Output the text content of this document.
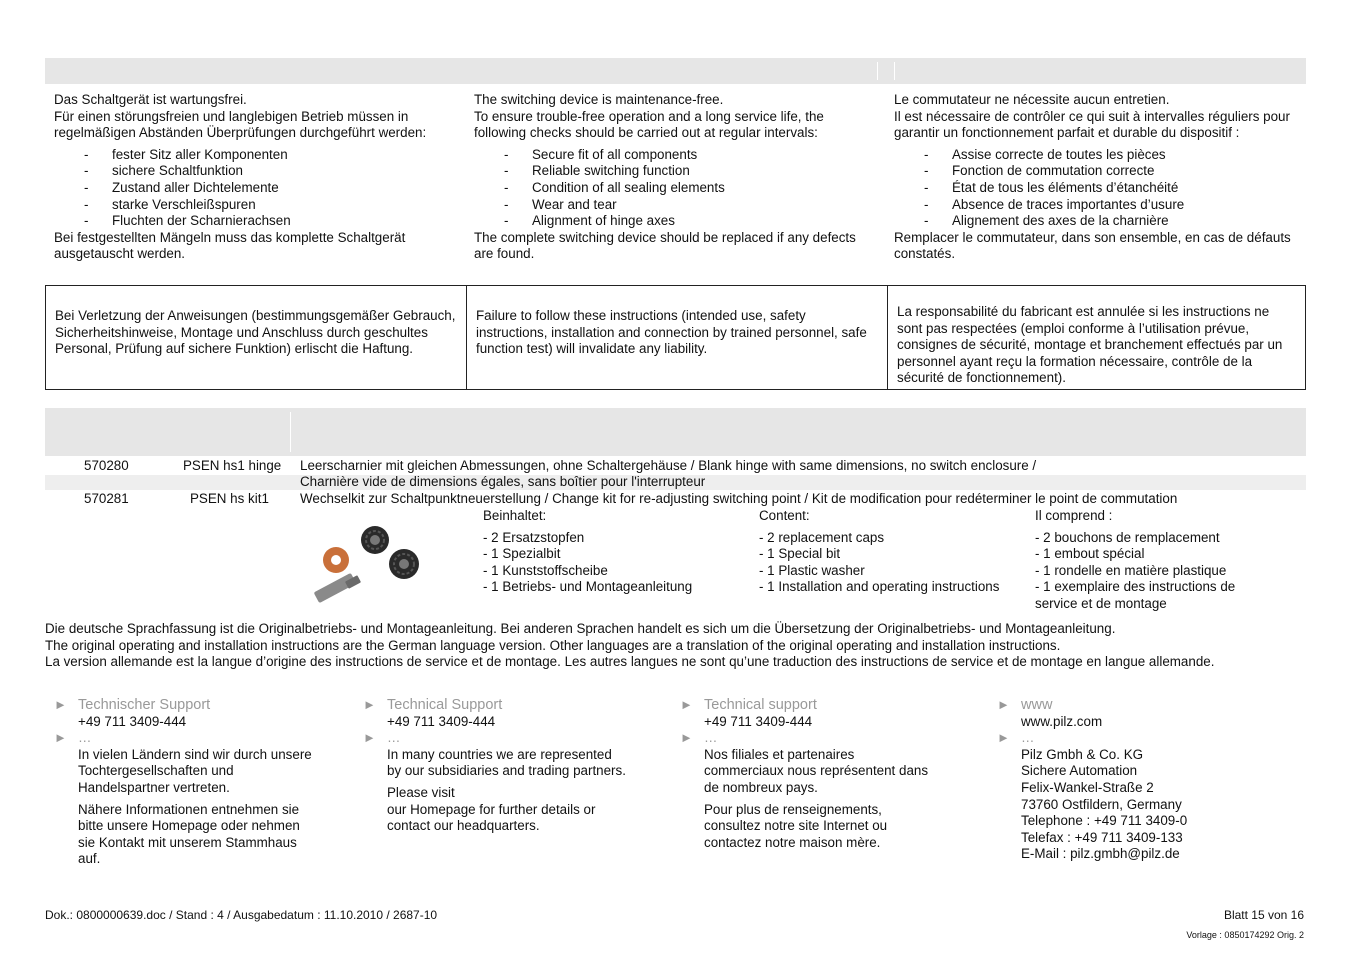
Das Schaltgerät ist wartungsfrei.

Für einen störungsfreien und langlebigen Betrieb müssen in regelmäßigen Abständen Überprüfungen durchgeführt werden:

- fester Sitz aller Komponenten
- sichere Schaltfunktion
- Zustand aller Dichtelemente
- starke Verschleißspuren
- Fluchten der Scharnierachsen

Bei festgestellten Mängeln muss das komplette Schaltgerät ausgetauscht werden.

The switching device is maintenance-free.

To ensure trouble-free operation and a long service life, the following checks should be carried out at regular intervals:

- Secure fit of all components
- Reliable switching function
- Condition of all sealing elements
- Wear and tear
- Alignment of hinge axes

The complete switching device should be replaced if any defects are found.

Le commutateur ne nécessite aucun entretien.

Il est nécessaire de contrôler ce qui suit à intervalles réguliers pour garantir un fonctionnement parfait et durable du dispositif :

- Assise correcte de toutes les pièces
- Fonction de commutation correcte
- État de tous les éléments d’étanchéité
- Absence de traces importantes d’usure
- Alignement des axes de la charnière

Remplacer le commutateur, dans son ensemble, en cas de défauts constatés.

Bei Verletzung der Anweisungen (bestimmungsgemäßer Gebrauch, Sicherheitshinweise, Montage und Anschluss durch geschultes Personal, Prüfung auf sichere Funktion) erlischt die Haftung.
Failure to follow these instructions (intended use, safety instructions, installation and connection by trained personnel, safe function test) will invalidate any liability.
La responsabilité du fabricant est annulée si les instructions ne sont pas respectées (emploi conforme à l’utilisation prévue, consignes de sécurité, montage et branchement effectués par un personnel ayant reçu la formation nécessaire, contrôle de la sécurité de fonctionnement).
570280	PSEN hs1 hinge Leerscharnier mit gleichen Abmessungen, ohne Schaltergehäuse / Blank hinge with same dimensions, no switch enclosure /
Charnière vide de dimensions égales, sans boîtier pour l'interrupteur
570281	PSEN hs kit1 Wechselkit zur Schaltpunktneuerstellung / Change kit for re-adjusting switching point / Kit de modification pour redéterminer le point de commutation
Beinhaltet:
- 2 Ersatzstopfen
- 1 Spezialbit
- 1 Kunststoffscheibe
- 1 Betriebs- und Montageanleitung
Content:
- 2 replacement caps
- 1 Special bit
- 1 Plastic washer
- 1 Installation and operating instructions
Il comprend :
- 2 bouchons de remplacement
- 1 embout spécial
- 1 rondelle en matière plastique
- 1 exemplaire des instructions de
service et de montage
Die deutsche Sprachfassung ist die Originalbetriebs- und Montageanleitung. Bei anderen Sprachen handelt es sich um die Übersetzung der Originalbetriebs- und Montageanleitung.
The original operating and installation instructions are the German language version. Other languages are a translation of the original operating and installation instructions.
La version allemande est la langue d’origine des instructions de service et de montage. Les autres langues ne sont qu’une traduction des instructions de service et de montage en langue allemande.
► Technischer Support
+49 711 3409-444
► …
In vielen Ländern sind wir durch unsere Tochtergesellschaften und Handelspartner vertreten.
Nähere Informationen entnehmen sie bitte unsere Homepage oder nehmen sie Kontakt mit unserem Stammhaus auf.
► Technical Support
+49 711 3409-444
► …
In many countries we are represented by our subsidiaries and trading partners.
Please visit
our Homepage for further details or contact our headquarters.
► Technical support
+49 711 3409-444
► …
Nos filiales et partenaires commerciaux nous représentent dans de nombreux pays.
Pour plus de renseignements, consultez notre site Internet ou contactez notre maison mère.
► www
www.pilz.com
► …
Pilz Gmbh & Co. KG
Sichere Automation
Felix-Wankel-Straße 2
73760 Ostfildern, Germany
Telephone : +49 711 3409-0
Telefax : +49 711 3409-133
E-Mail : pilz.gmbh@pilz.de
Dok.: 0800000639.doc / Stand : 4 / Ausgabedatum : 11.10.2010 / 2687-10	Blatt 15 von 16
Vorlage : 0850174292 Orig. 2
